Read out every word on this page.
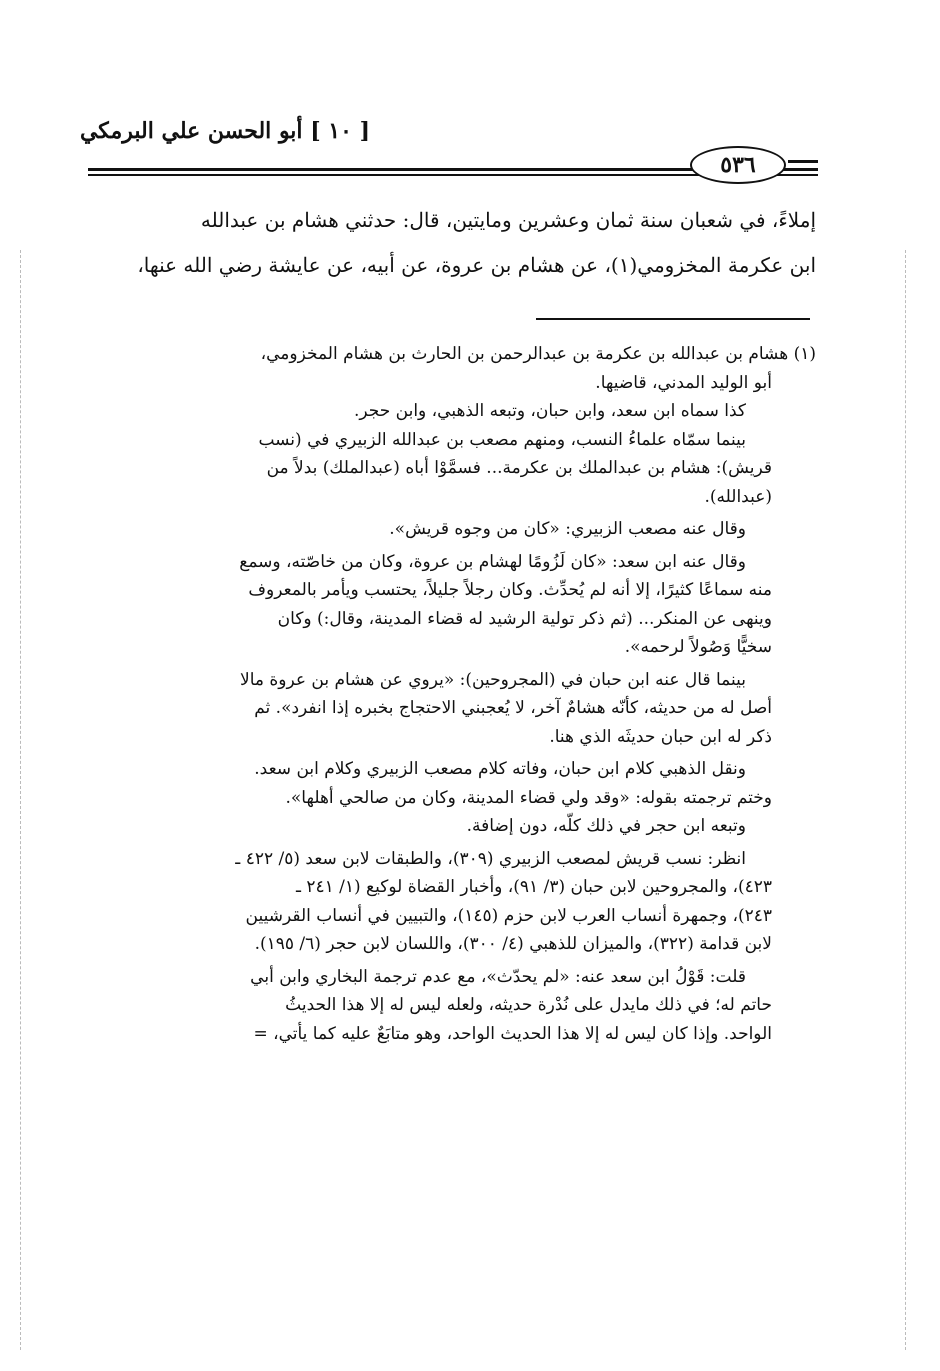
[ ١٠ ] أبو الحسن علي البرمكي
٥٣٦

إملاءً، في شعبان سنة ثمان وعشرين ومايتين، قال: حدثني هشام بن عبدالله

ابن عكرمة المخزومي(١)، عن هشام بن عروة، عن أبيه، عن عايشة رضي الله عنها،

(١) هشام بن عبدالله بن عكرمة بن عبدالرحمن بن الحارث بن هشام المخزومي،

أبو الوليد المدني، قاضيها.

كذا سماه ابن سعد، وابن حبان، وتبعه الذهبي، وابن حجر.

بينما سمّاه علماءُ النسب، ومنهم مصعب بن عبدالله الزبيري في (نسب

قريش): هشام بن عبدالملك بن عكرمة... فسمَّوْا أباه (عبدالملك) بدلاً من

(عبدالله).

وقال عنه مصعب الزبيري: «كان من وجوه قريش».

وقال عنه ابن سعد: «كان لَزُومًا لهشام بن عروة، وكان من خاصّته، وسمع

منه سماعًا كثيرًا، إلا أنه لم يُحدِّث. وكان رجلاً جليلاً، يحتسب ويأمر بالمعروف

وينهى عن المنكر... (ثم ذكر تولية الرشيد له قضاء المدينة، وقال:) وكان

سخيًّا وَصُولاً لرحمه».

بينما قال عنه ابن حبان في (المجروحين): «يروي عن هشام بن عروة مالا

أصل له من حديثه، كأنّه هشامٌ آخر، لا يُعجبني الاحتجاج بخبره إذا انفرد». ثم

ذكر له ابن حبان حديثَه الذي هنا.

ونقل الذهبي كلام ابن حبان، وفاته كلام مصعب الزبيري وكلام ابن سعد.

وختم ترجمته بقوله: «وقد ولي قضاء المدينة، وكان من صالحي أهلها».

وتبعه ابن حجر في ذلك كلّه، دون إضافة.

انظر: نسب قريش لمصعب الزبيري (٣٠٩)، والطبقات لابن سعد (٥/ ٤٢٢ ـ

٤٢٣)، والمجروحين لابن حبان (٣/ ٩١)، وأخبار القضاة لوكيع (١/ ٢٤١ ـ

٢٤٣)، وجمهرة أنساب العرب لابن حزم (١٤٥)، والتبيين في أنساب القرشيين

لابن قدامة (٣٢٢)، والميزان للذهبي (٤/ ٣٠٠)، واللسان لابن حجر (٦/ ١٩٥).

قلت: قَوْلُ ابن سعد عنه: «لم يحدّث»، مع عدم ترجمة البخاري وابن أبي

حاتم له؛ في ذلك مايدل على نُدْرة حديثه، ولعله ليس له إلا هذا الحديثُ

الواحد. وإذا كان ليس له إلا هذا الحديث الواحد، وهو متابَعٌ عليه كما يأتي، =
